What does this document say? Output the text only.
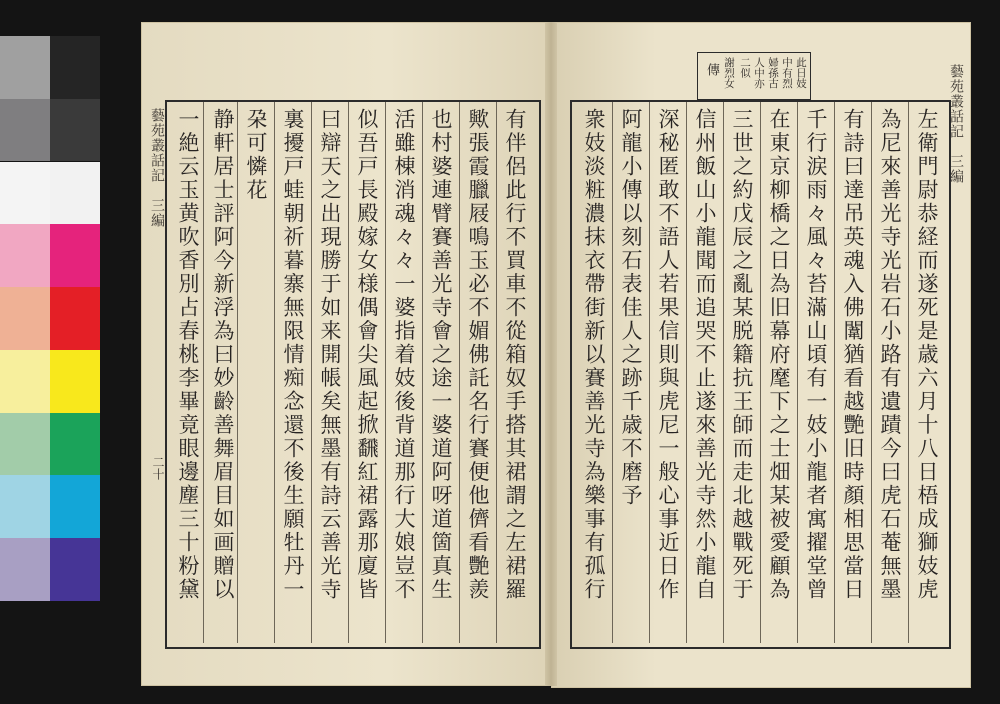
藝苑叢話記　三編
二十
藝苑叢話記　三編
此日妓
中有烈
婦孫古
人中亦
二似
謝烈女
傳
有伴侶此行不買車不從箱奴手搭其裙謂之左裙羅
歟張霞臘屐鳴玉必不媚佛託名行賽便他儕看艷羨
也村婆連臂賽善光寺會之途一婆道阿呀道箇真生
活雖棟消魂々々一婆指着妓後背道那行大娘豈不
似吾戸長殿嫁女様偶會尖風起掀飜紅裙露那廈皆
曰辯天之出現勝于如来開帳矣無墨有詩云善光寺
裏擾戸蛙朝祈暮寨無限情痴念還不後生願牡丹一
朶可憐花
静軒居士評阿今新浮為曰妙齡善舞眉目如画贈以
一絶云玉黄吹香別占春桃李畢竟眼邊塵三十粉黛	左衛門尉恭経而遂死是歳六月十八日梧成獅妓虎
為尼來善光寺光岩石小路有遺蹟今曰虎石菴無墨
有詩曰達吊英魂入佛闈猶看越艷旧時顏相思當日
千行涙雨々風々苔滿山頃有一妓小龍者寓擢堂曾
在東京柳橋之日為旧幕府麾下之士畑某被愛顧為
三世之約戊辰之亂某脱籍抗王師而走北越戰死于
信州飯山小龍聞而追哭不止遂來善光寺然小龍自
深秘匿敢不語人若果信則與虎尼一般心事近日作
阿龍小傳以刻石表佳人之跡千歳不磨予
衆妓淡粧濃抹衣帶街新以賽善光寺為樂事有孤行
